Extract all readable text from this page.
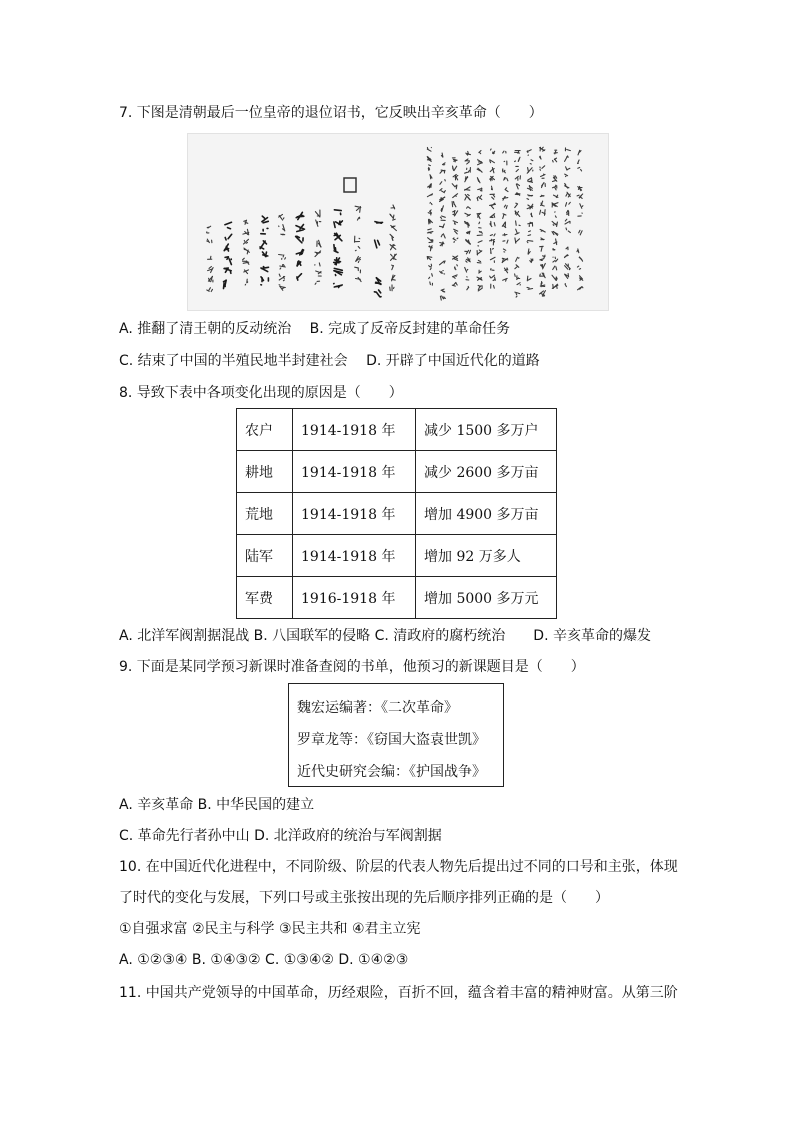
7. 下图是清朝最后一位皇帝的退位诏书，它反映出辛亥革命（　　）
A. 推翻了清王朝的反动统治　 B. 完成了反帝反封建的革命任务
C. 结束了中国的半殖民地半封建社会　 D. 开辟了中国近代化的道路
8. 导致下表中各项变化出现的原因是（　　）
农户	1914-1918 年	减少 1500 多万户
耕地	1914-1918 年	减少 2600 多万亩
荒地	1914-1918 年	增加 4900 多万亩
陆军	1914-1918 年	增加 92 万多人
军费	1916-1918 年	增加 5000 多万元
A. 北洋军阀割据混战 B. 八国联军的侵略 C. 清政府的腐朽统治　　D. 辛亥革命的爆发
9. 下面是某同学预习新课时准备查阅的书单，他预习的新课题目是（　　）
魏宏运编著：《二次革命》
罗章龙等：《窃国大盗袁世凯》
近代史研究会编：《护国战争》
A. 辛亥革命 B. 中华民国的建立
C. 革命先行者孙中山 D. 北洋政府的统治与军阀割据
10. 在中国近代化进程中，不同阶级、阶层的代表人物先后提出过不同的口号和主张，体现
了时代的变化与发展，下列口号或主张按出现的先后顺序排列正确的是（　　）
①自强求富 ②民主与科学 ③民主共和 ④君主立宪
A. ①②③④ B. ①④③② C. ①③④② D. ①④②③
11. 中国共产党领导的中国革命，历经艰险，百折不回，蕴含着丰富的精神财富。从第三阶
